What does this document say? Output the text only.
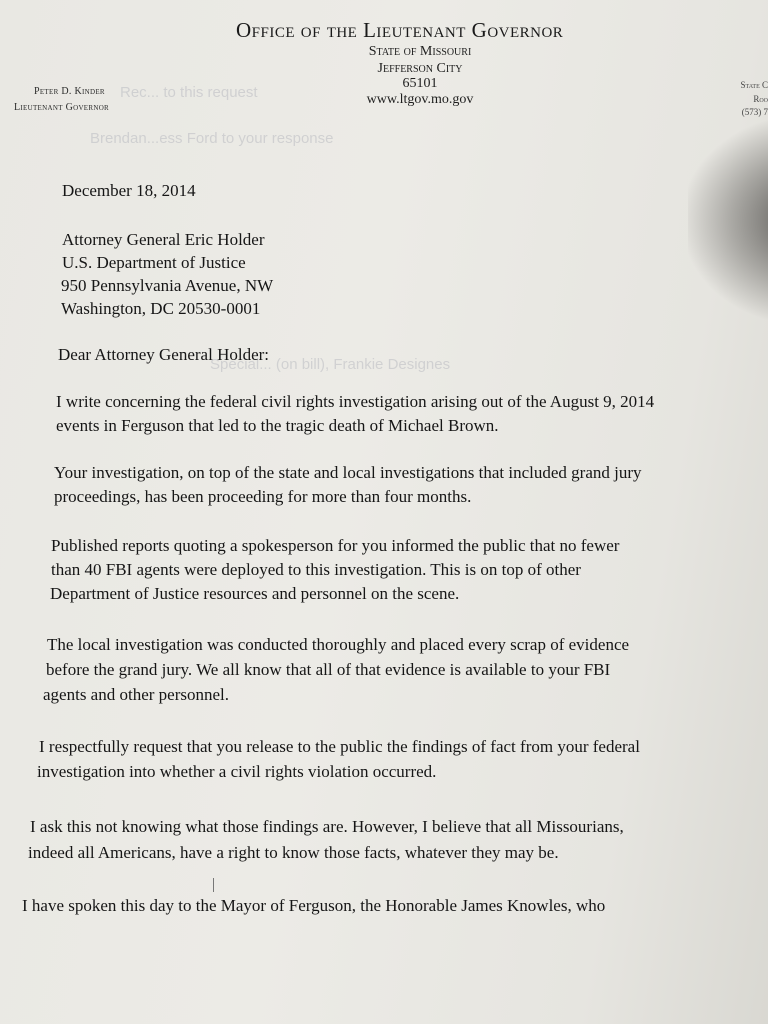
Rec... to this request
Brendan...ess Ford to your response
Special... (on bill), Frankie Designes
Office of the Lieutenant Governor
State of Missouri
Jefferson City
65101
www.ltgov.mo.gov
Peter D. Kinder
Lieutenant Governor
State C
Roo
(573) 7
December 18, 2014
Attorney General Eric Holder
U.S. Department of Justice
950 Pennsylvania Avenue, NW
Washington, DC 20530-0001
Dear Attorney General Holder:
I write concerning the federal civil rights investigation arising out of the August 9, 2014
events in Ferguson that led to the tragic death of Michael Brown.
Your investigation, on top of the state and local investigations that included grand jury
proceedings, has been proceeding for more than four months.
Published reports quoting a spokesperson for you informed the public that no fewer
than 40 FBI agents were deployed to this investigation. This is on top of other
Department of Justice resources and personnel on the scene.
The local investigation was conducted thoroughly and placed every scrap of evidence
before the grand jury. We all know that all of that evidence is available to your FBI
agents and other personnel.
I respectfully request that you release to the public the findings of fact from your federal
investigation into whether a civil rights violation occurred.
I ask this not knowing what those findings are. However, I believe that all Missourians,
indeed all Americans, have a right to know those facts, whatever they may be.
I have spoken this day to the Mayor of Ferguson, the Honorable James Knowles, who
